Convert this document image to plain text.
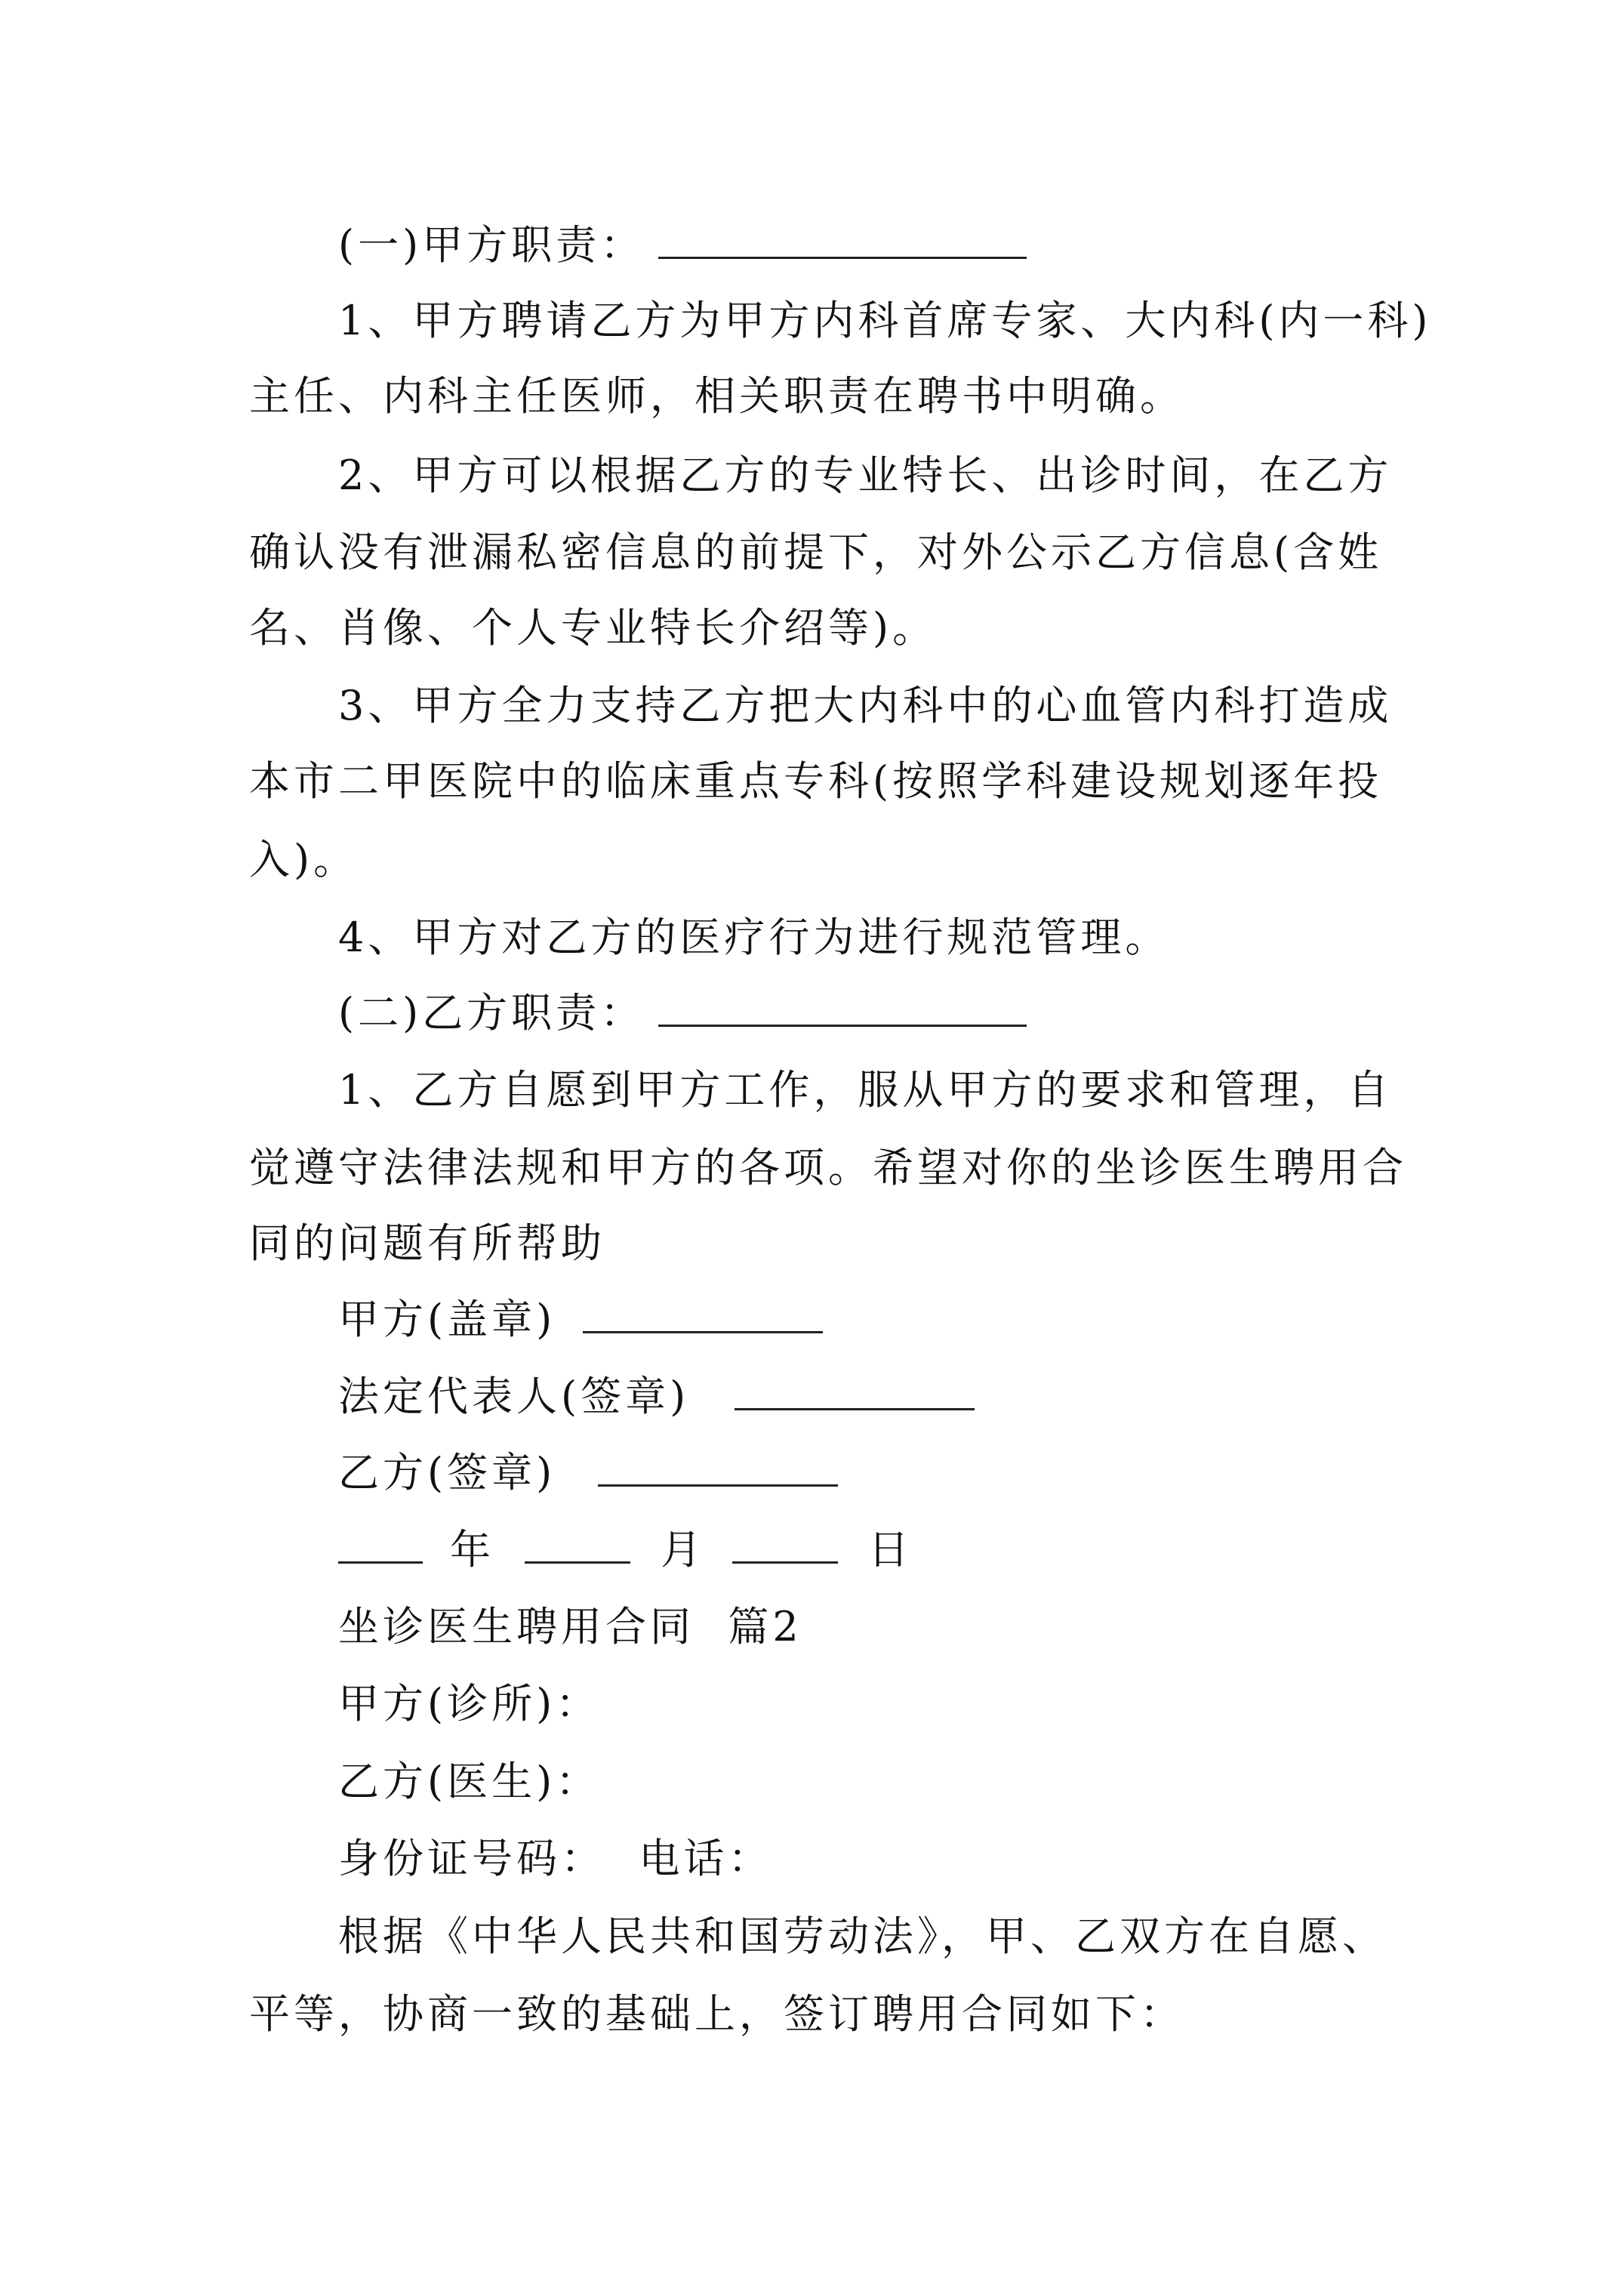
(一)甲方职责：
1、甲方聘请乙方为甲方内科首席专家、大内科(内一科)
主任、内科主任医师，相关职责在聘书中明确。
2、甲方可以根据乙方的专业特长、出诊时间，在乙方
确认没有泄漏私密信息的前提下，对外公示乙方信息(含姓
名、肖像、个人专业特长介绍等)。
3、甲方全力支持乙方把大内科中的心血管内科打造成
本市二甲医院中的临床重点专科(按照学科建设规划逐年投
入)。
4、甲方对乙方的医疗行为进行规范管理。
(二)乙方职责：
1、乙方自愿到甲方工作，服从甲方的要求和管理，自
觉遵守法律法规和甲方的各项。希望对你的坐诊医生聘用合
同的问题有所帮助
甲方(盖章)
法定代表人(签章)
乙方(签章)
年	月	日
坐诊医生聘用合同  篇2
甲方(诊所)：
乙方(医生)：
身份证号码：  电话：
根据《中华人民共和国劳动法》，甲、乙双方在自愿、
平等，协商一致的基础上，签订聘用合同如下：
